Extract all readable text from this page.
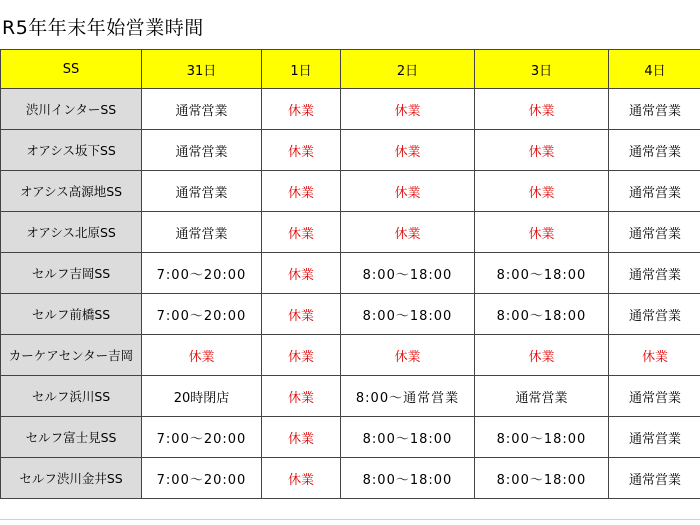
R5年年末年始営業時間
SS	31日	1日	2日	3日	4日
渋川インターSS	通常営業	休業	休業	休業	通常営業
オアシス坂下SS	通常営業	休業	休業	休業	通常営業
オアシス高源地SS	通常営業	休業	休業	休業	通常営業
オアシス北原SS	通常営業	休業	休業	休業	通常営業
セルフ吉岡SS	7:00～20:00	休業	8:00～18:00	8:00～18:00	通常営業
セルフ前橋SS	7:00～20:00	休業	8:00～18:00	8:00～18:00	通常営業
カーケアセンター吉岡	休業	休業	休業	休業	休業
セルフ浜川SS	20時閉店	休業	8:00～通常営業	通常営業	通常営業
セルフ富士見SS	7:00～20:00	休業	8:00～18:00	8:00～18:00	通常営業
セルフ渋川金井SS	7:00～20:00	休業	8:00～18:00	8:00～18:00	通常営業
